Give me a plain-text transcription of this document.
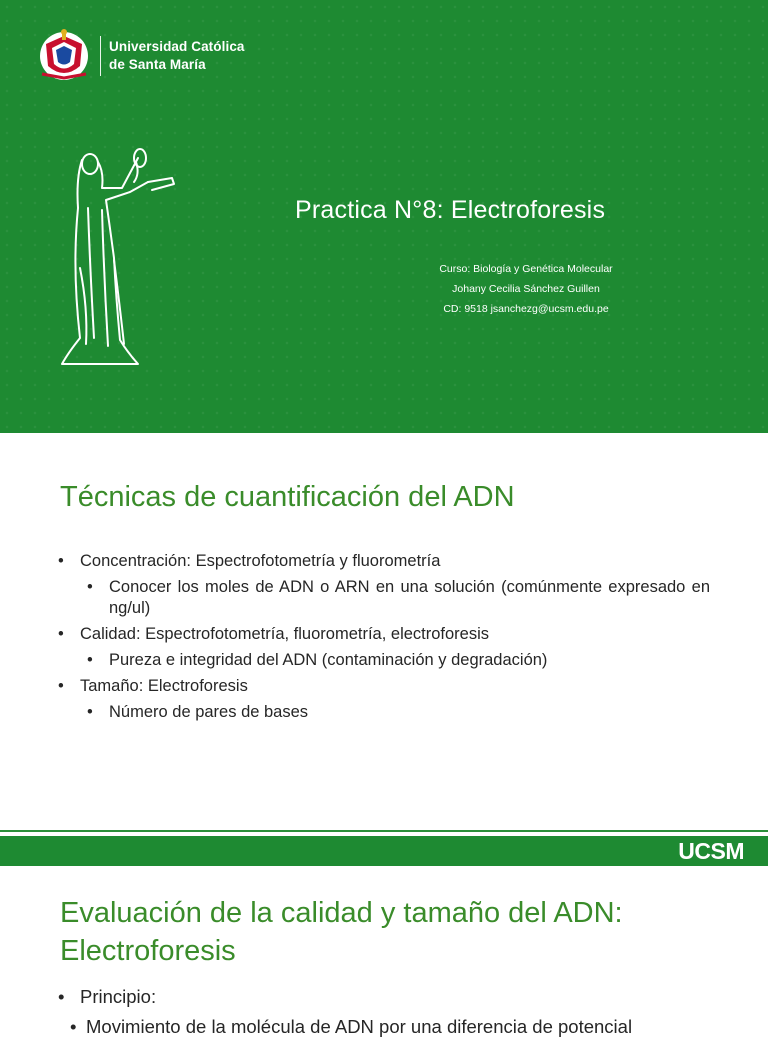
Universidad Católica
de Santa María
Practica N°8: Electroforesis
Curso: Biología y Genética Molecular
Johany Cecilia Sánchez Guillen
CD: 9518 jsanchezg@ucsm.edu.pe
Técnicas de cuantificación del ADN
• Concentración: Espectrofotometría y fluorometría
• Conocer los moles de ADN o ARN en una solución (comúnmente expresado en ng/ul)
• Calidad: Espectrofotometría, fluorometría, electroforesis
• Pureza e integridad del ADN (contaminación y degradación)
• Tamaño: Electroforesis
• Número de pares de bases
UCSM
Evaluación de la calidad y tamaño del ADN:
Electroforesis
• Principio:
• Movimiento de la molécula de ADN por una diferencia de potencial
